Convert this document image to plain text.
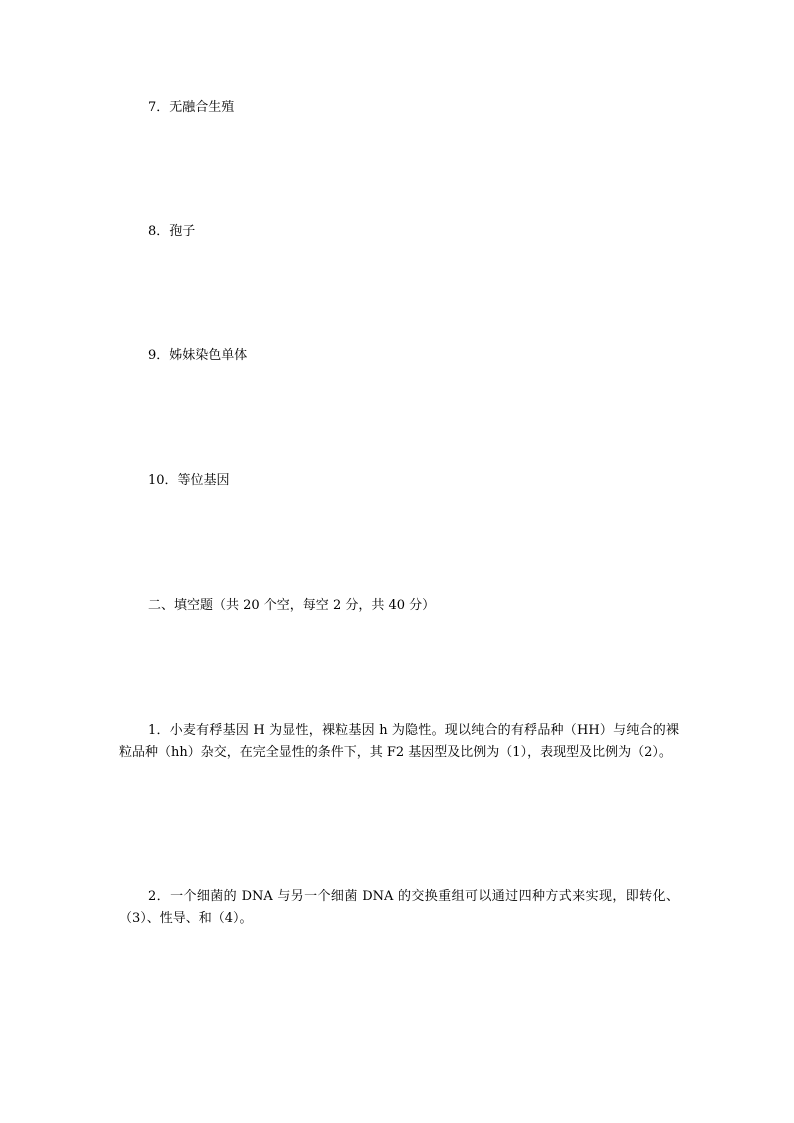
7．无融合生殖
8．孢子
9．姊妹染色单体
10．等位基因
二、填空题（共 20 个空，每空 2 分，共 40 分）
1．小麦有稃基因 H 为显性，裸粒基因 h 为隐性。现以纯合的有稃品种（HH）与纯合的裸粒品种（hh）杂交，在完全显性的条件下，其 F2 基因型及比例为（1），表现型及比例为（2）。
2．一个细菌的 DNA 与另一个细菌 DNA 的交换重组可以通过四种方式来实现，即转化、（3）、性导、和（4）。
